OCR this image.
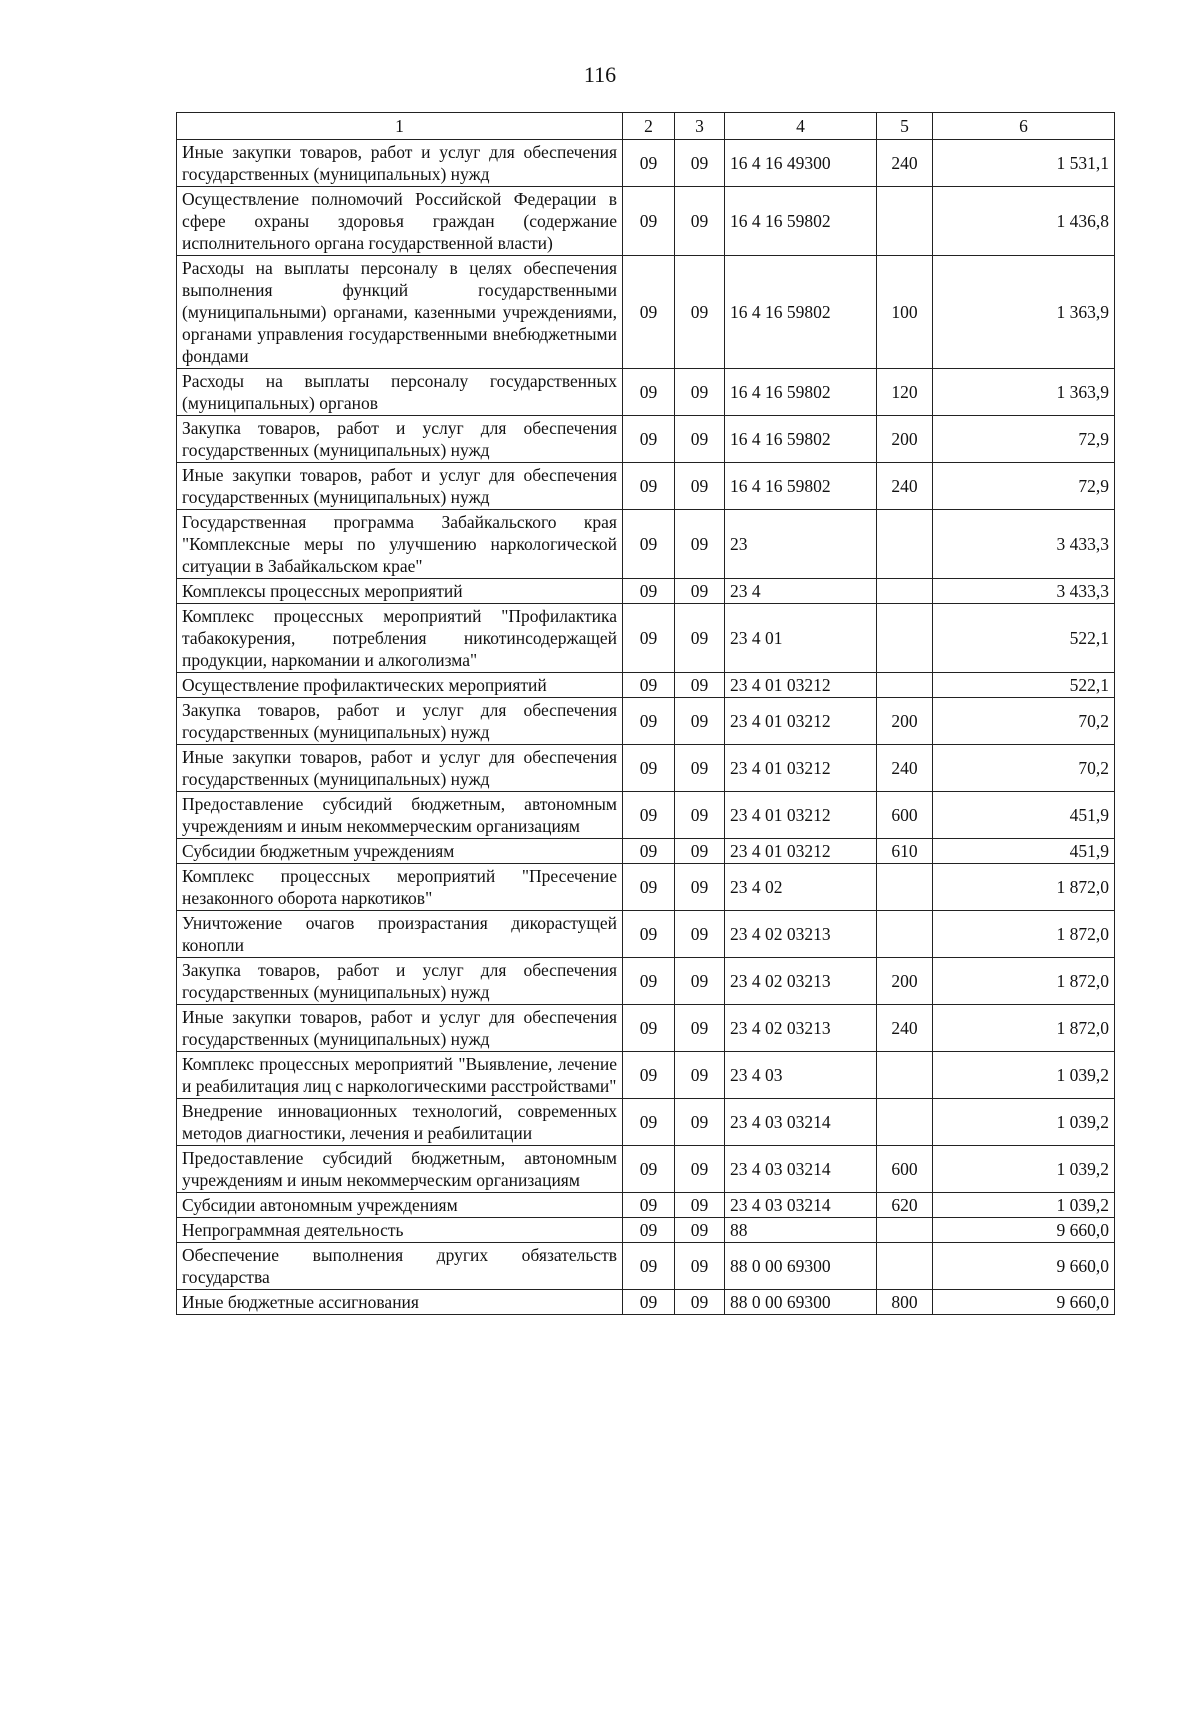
116
1	2	3	4	5	6
Иные закупки товаров, работ и услуг для обеспечения государственных (муниципальных) нужд	09	09	16 4 16 49300	240	1 531,1
Осуществление полномочий Российской Федерации в сфере охраны здоровья граждан (содержание исполнительного органа государственной власти)	09	09	16 4 16 59802		1 436,8
Расходы на выплаты персоналу в целях обеспечения выполнения функций государственными (муниципальными) органами, казенными учреждениями, органами управления государственными внебюджетными фондами	09	09	16 4 16 59802	100	1 363,9
Расходы на выплаты персоналу государственных (муниципальных) органов	09	09	16 4 16 59802	120	1 363,9
Закупка товаров, работ и услуг для обеспечения государственных (муниципальных) нужд	09	09	16 4 16 59802	200	72,9
Иные закупки товаров, работ и услуг для обеспечения государственных (муниципальных) нужд	09	09	16 4 16 59802	240	72,9
Государственная программа Забайкальского края "Комплексные меры по улучшению наркологической ситуации в Забайкальском крае"	09	09	23		3 433,3
Комплексы процессных мероприятий	09	09	23 4		3 433,3
Комплекс процессных мероприятий "Профилактика табакокурения, потребления никотинсодержащей продукции, наркомании и алкоголизма"	09	09	23 4 01		522,1
Осуществление профилактических мероприятий	09	09	23 4 01 03212		522,1
Закупка товаров, работ и услуг для обеспечения государственных (муниципальных) нужд	09	09	23 4 01 03212	200	70,2
Иные закупки товаров, работ и услуг для обеспечения государственных (муниципальных) нужд	09	09	23 4 01 03212	240	70,2
Предоставление субсидий бюджетным, автономным учреждениям и иным некоммерческим организациям	09	09	23 4 01 03212	600	451,9
Субсидии бюджетным учреждениям	09	09	23 4 01 03212	610	451,9
Комплекс процессных мероприятий "Пресечение незаконного оборота наркотиков"	09	09	23 4 02		1 872,0
Уничтожение очагов произрастания дикорастущей конопли	09	09	23 4 02 03213		1 872,0
Закупка товаров, работ и услуг для обеспечения государственных (муниципальных) нужд	09	09	23 4 02 03213	200	1 872,0
Иные закупки товаров, работ и услуг для обеспечения государственных (муниципальных) нужд	09	09	23 4 02 03213	240	1 872,0
Комплекс процессных мероприятий "Выявление, лечение и реабилитация лиц с наркологическими расстройствами"	09	09	23 4 03		1 039,2
Внедрение инновационных технологий, современных методов диагностики, лечения и реабилитации	09	09	23 4 03 03214		1 039,2
Предоставление субсидий бюджетным, автономным учреждениям и иным некоммерческим организациям	09	09	23 4 03 03214	600	1 039,2
Субсидии автономным учреждениям	09	09	23 4 03 03214	620	1 039,2
Непрограммная деятельность	09	09	88		9 660,0
Обеспечение выполнения других обязательств государства	09	09	88 0 00 69300		9 660,0
Иные бюджетные ассигнования	09	09	88 0 00 69300	800	9 660,0
